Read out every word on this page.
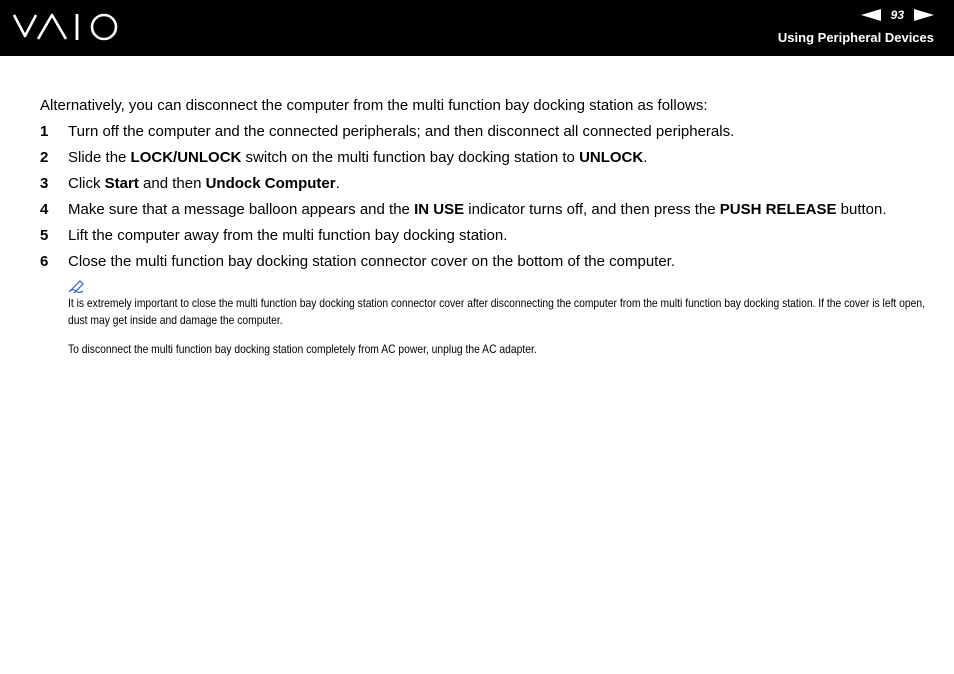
93
Using Peripheral Devices

Alternatively, you can disconnect the computer from the multi function bay docking station as follows:

1	Turn off the computer and the connected peripherals; and then disconnect all connected peripherals.
2	Slide the LOCK/UNLOCK switch on the multi function bay docking station to UNLOCK.
3	Click Start and then Undock Computer.
4	Make sure that a message balloon appears and the IN USE indicator turns off, and then press the PUSH RELEASE button.
5	Lift the computer away from the multi function bay docking station.
6	Close the multi function bay docking station connector cover on the bottom of the computer.

It is extremely important to close the multi function bay docking station connector cover after disconnecting the computer from the multi function bay docking station. If the cover is left open, dust may get inside and damage the computer.

To disconnect the multi function bay docking station completely from AC power, unplug the AC adapter.
